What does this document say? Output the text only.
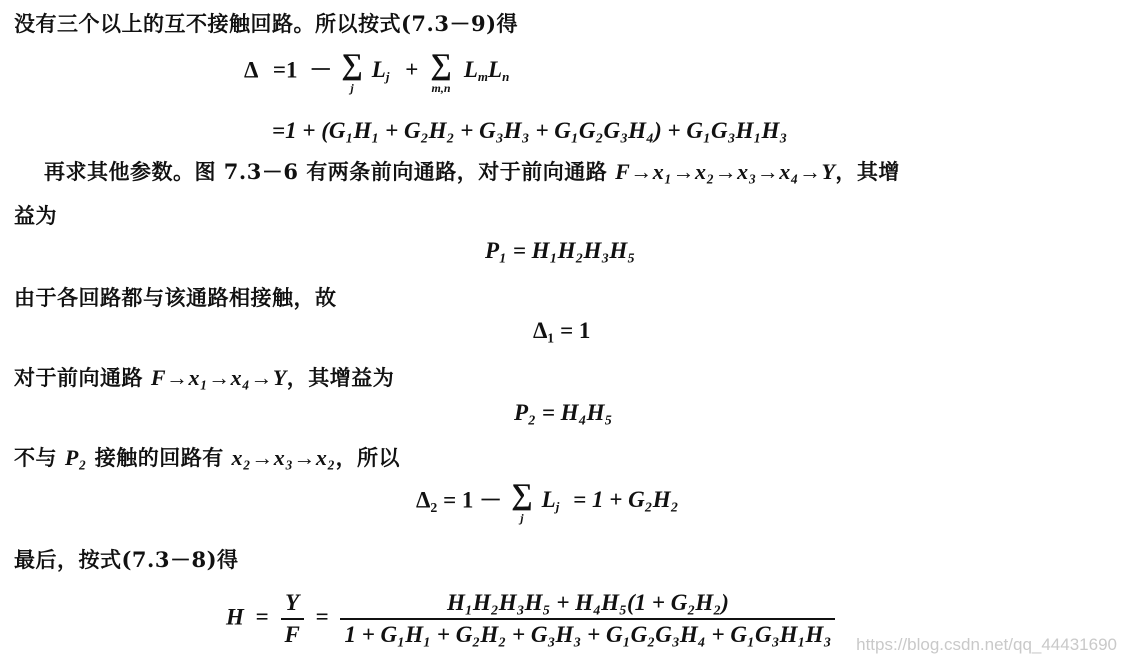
没有三个以上的互不接触回路。所以按式(7.3－9)得
Δ =1 － ∑
j
$L_j$ + ∑
m,n
$L_mL_n$
=1 + (G₁H₁ + G₂H₂ + G₃H₃ + G₁G₂G₃H₄) + G₁G₃H₁H₃
再求其他参数。图 7.3－6 有两条前向通路，对于前向通路 F→x₁→x₂→x₃→x₄→Y，其增
益为
P₁ = H₁H₂H₃H₅
由于各回路都与该通路相接触，故
Δ₁ = 1
对于前向通路 F→x₁→x₄→Y，其增益为
P₂ = H₄H₅
不与 P₂ 接触的回路有 x₂→x₃→x₂，所以
Δ₂ = 1 － ∑
j
$L_j = 1 + G_2H_2$
最后，按式(7.3－8)得
$H = \frac{Y}{F} = \frac{\text{H₁H₂H₃H₅ + H₄H₅(1 + G₂H₂)}}{\text{1 + G₁H₁ + G₂H₂ + G₃H₃ + G₁G₂G₃H₄ + G₁G₃H₁H₃}}$ https://blog.csdn.net/qq_44431690
